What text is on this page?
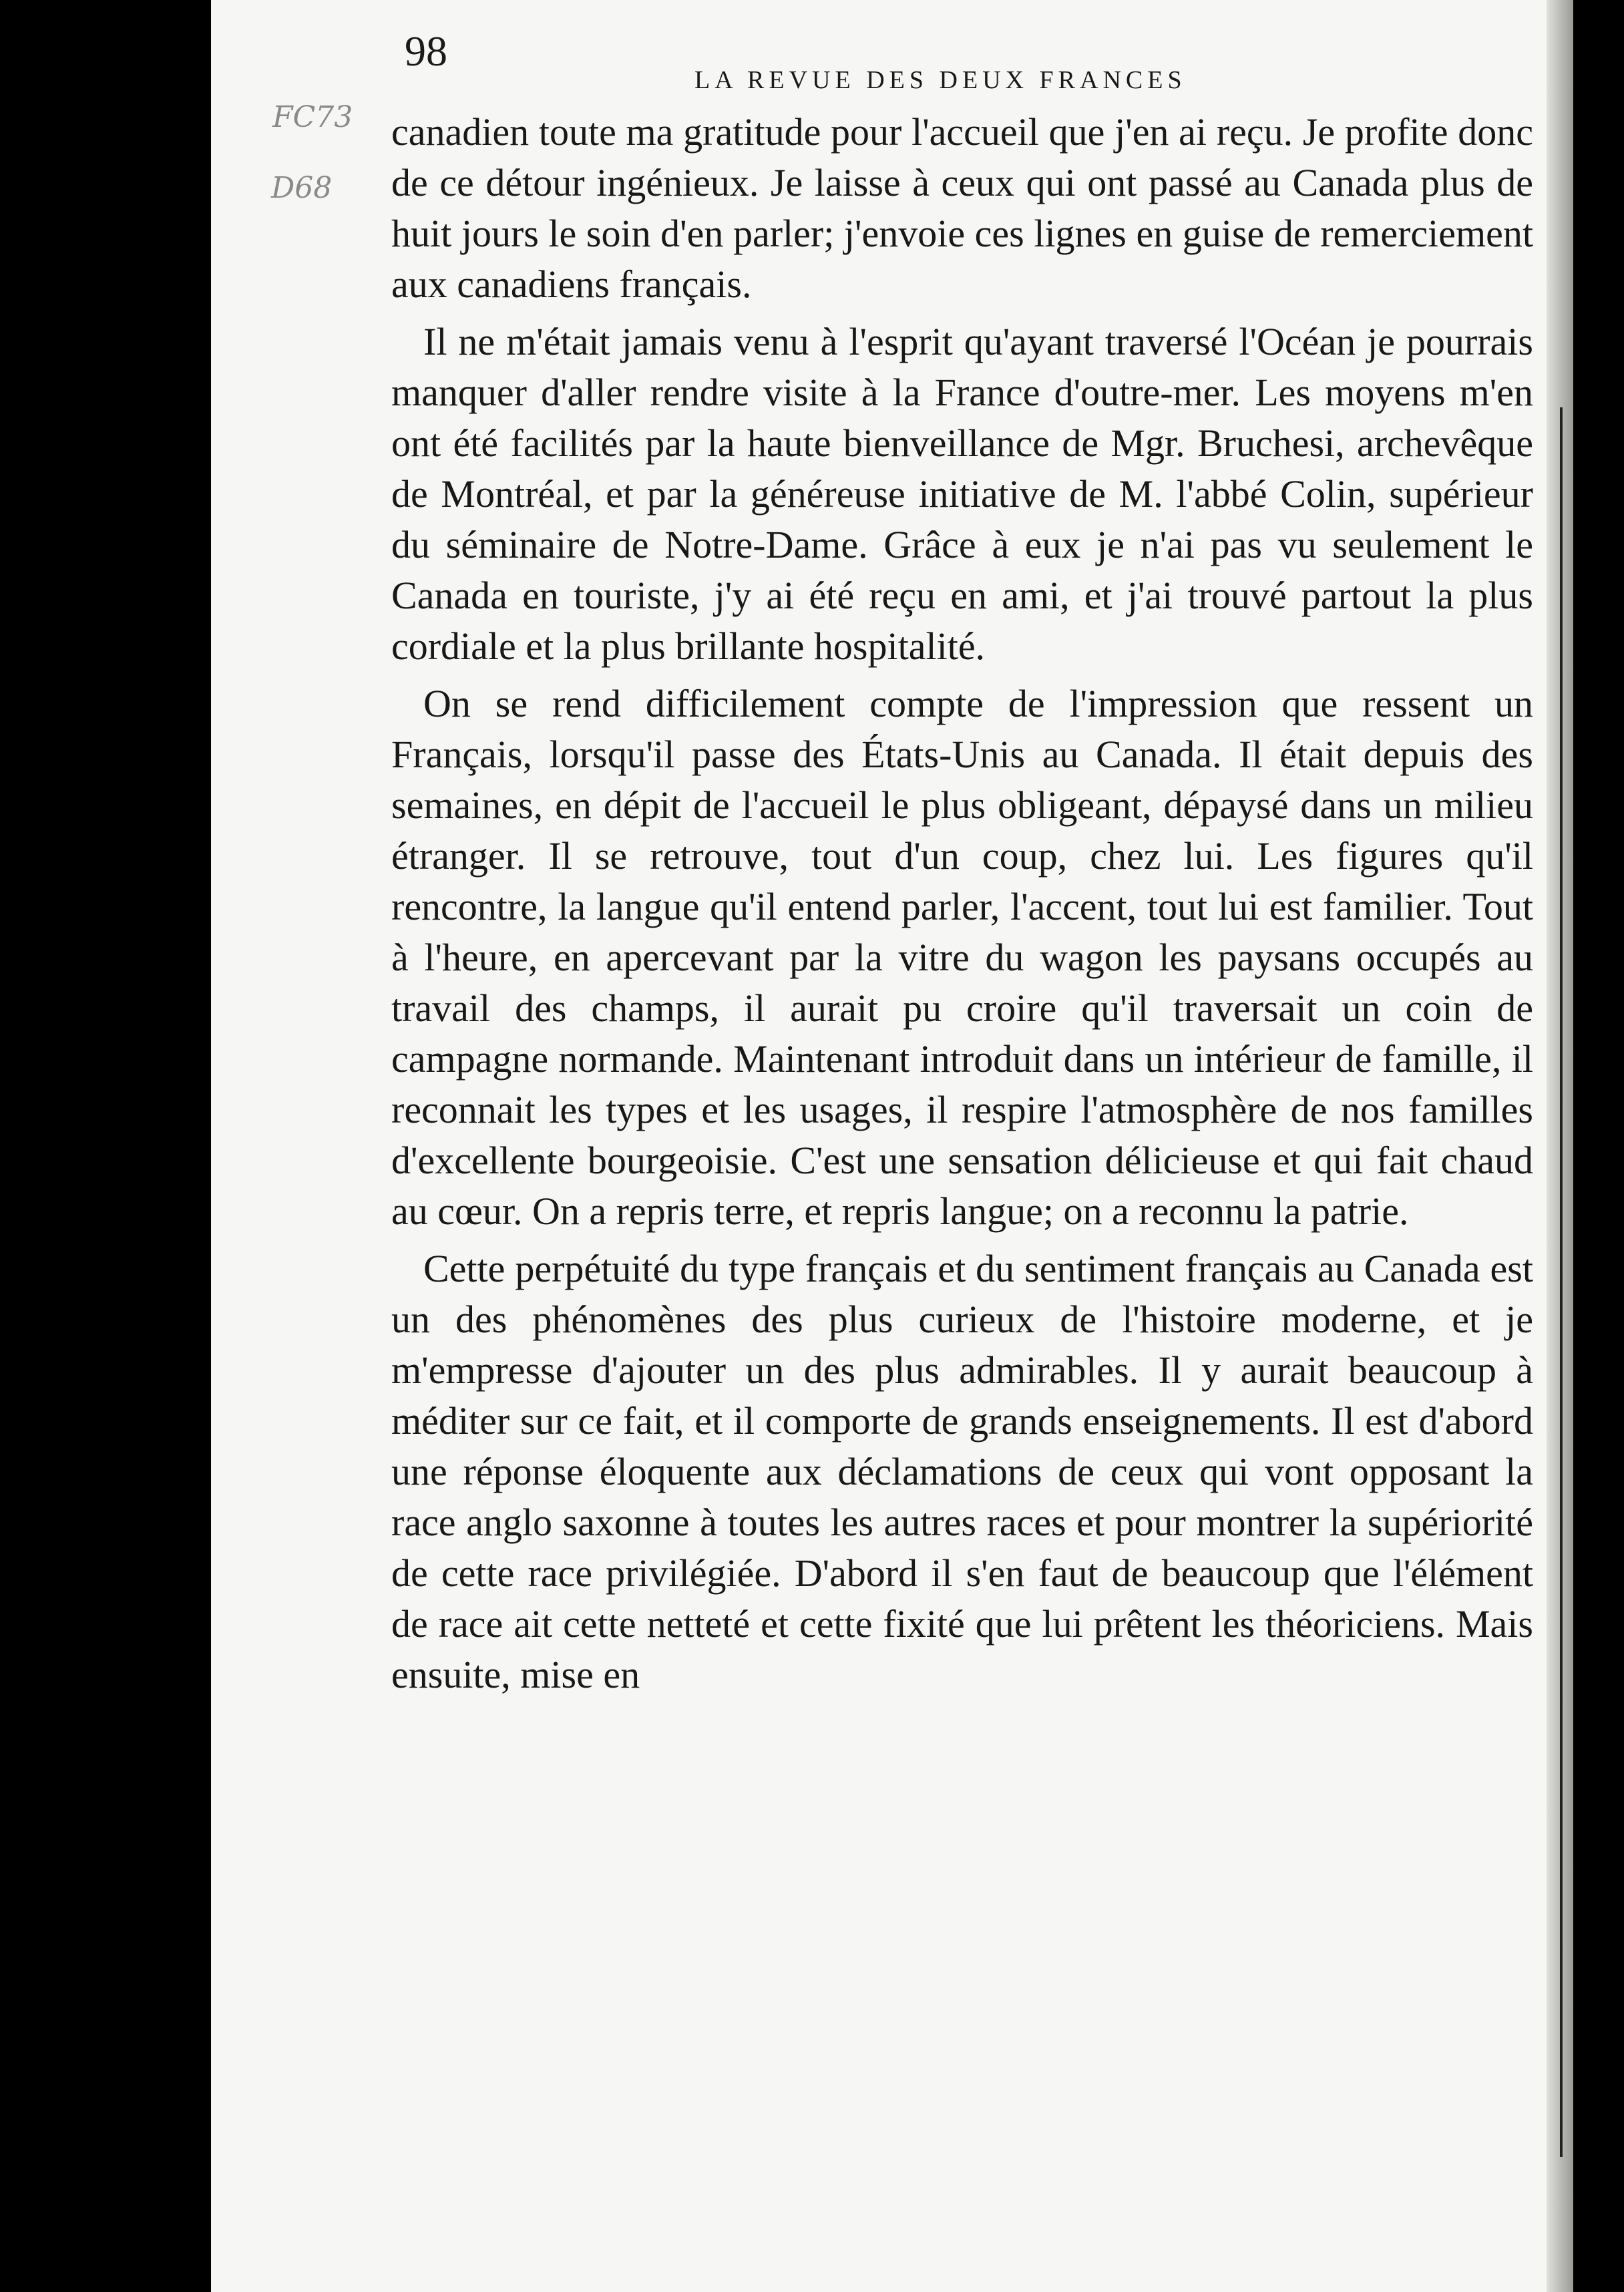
98
LA REVUE DES DEUX FRANCES
FC73
D68

canadien toute ma gratitude pour l'accueil que j'en ai reçu. Je profite donc de ce détour ingénieux. Je laisse à ceux qui ont passé au Canada plus de huit jours le soin d'en parler; j'envoie ces lignes en guise de remerciement aux canadiens français.

Il ne m'était jamais venu à l'esprit qu'ayant traversé l'Océan je pourrais manquer d'aller rendre visite à la France d'outre-mer. Les moyens m'en ont été facilités par la haute bienveillance de Mgr. Bruchesi, archevêque de Montréal, et par la généreuse initiative de M. l'abbé Colin, supérieur du séminaire de Notre-Dame. Grâce à eux je n'ai pas vu seulement le Canada en touriste, j'y ai été reçu en ami, et j'ai trouvé partout la plus cordiale et la plus brillante hospitalité.

On se rend difficilement compte de l'impression que ressent un Français, lorsqu'il passe des États-Unis au Canada. Il était depuis des semaines, en dépit de l'accueil le plus obligeant, dépaysé dans un milieu étranger. Il se retrouve, tout d'un coup, chez lui. Les figures qu'il rencontre, la langue qu'il entend parler, l'accent, tout lui est familier. Tout à l'heure, en apercevant par la vitre du wagon les paysans occupés au travail des champs, il aurait pu croire qu'il traversait un coin de campagne normande. Maintenant introduit dans un intérieur de famille, il reconnait les types et les usages, il respire l'atmosphère de nos familles d'excellente bourgeoisie. C'est une sensation délicieuse et qui fait chaud au cœur. On a repris terre, et repris langue; on a reconnu la patrie.

Cette perpétuité du type français et du sentiment français au Canada est un des phénomènes des plus curieux de l'histoire moderne, et je m'empresse d'ajouter un des plus admirables. Il y aurait beaucoup à méditer sur ce fait, et il comporte de grands enseignements. Il est d'abord une réponse éloquente aux déclamations de ceux qui vont opposant la race anglo saxonne à toutes les autres races et pour montrer la supériorité de cette race privilégiée. D'abord il s'en faut de beaucoup que l'élément de race ait cette netteté et cette fixité que lui prêtent les théoriciens. Mais ensuite, mise en
